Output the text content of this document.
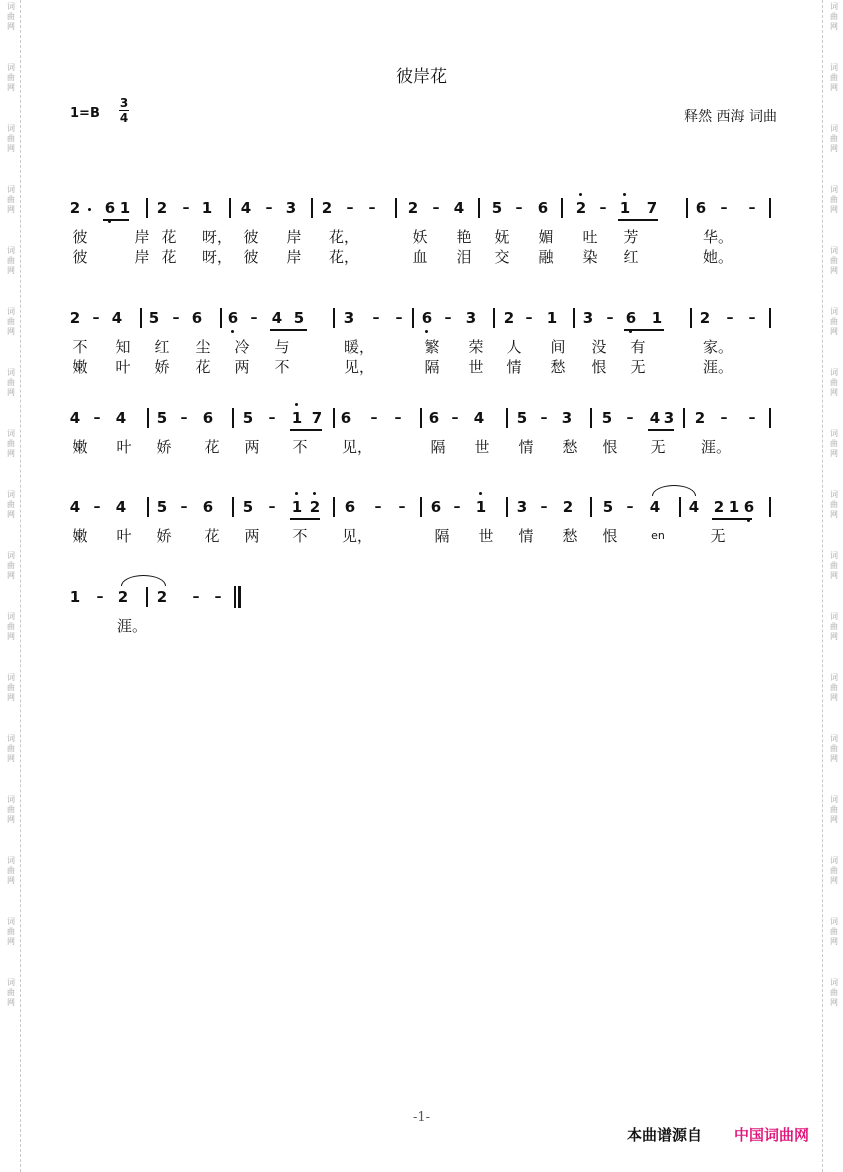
词
曲
网
词
曲
网
词
曲
网
词
曲
网
词
曲
网
词
曲
网
词
曲
网
词
曲
网
词
曲
网
词
曲
网
词
曲
网
词
曲
网
词
曲
网
词
曲
网
词
曲
网
词
曲
网
词
曲
网
词
曲
网
词
曲
网
词
曲
网
词
曲
网
词
曲
网
词
曲
网
词
曲
网
词
曲
网
词
曲
网
词
曲
网
词
曲
网
词
曲
网
词
曲
网
词
曲
网
词
曲
网
词
曲
网
词
曲
网
彼岸花
1=B
3
4	释然 西海 词曲
2 6 1 2 1 4 3 2	2 4 5 6 2 1 7	6
–	–	– –	–	–	–	– –
彼	岸 花 呀， 彼 岸 花，	妖 艳 妩 媚 吐 芳	华。
彼	岸 花 呀， 彼 岸 花，	血 泪 交 融 染 红	她。
2 4 5 6 6 4 5	3	6 3 2 1 3 6 1	2
–	–	–	– –	–	–	–	– –
不 知 红 尘 冷 与	暖，	繁 荣 人 间 没 有	家。
嫩 叶 娇 花 两 不	见，	隔 世 情 愁 恨 无	涯。
4 4 5 6 5	1 7 6	6 4 5 3 5	4 3 2
–	–	–	– –	–	–	–	– –
嫩 叶 娇 花 两 不 见，	隔 世 情 愁 恨 无 涯。
4 4 5 6 5	1 2 6	6 1 3 2 5 4 4 2 1 6
–	–	–	– –	–	–	–
嫩 叶 娇 花 两 不 见，	隔 世 情 愁 恨	en	无
1	2 2
–	– –
涯。
-1-
本曲谱源自 中国词曲网
